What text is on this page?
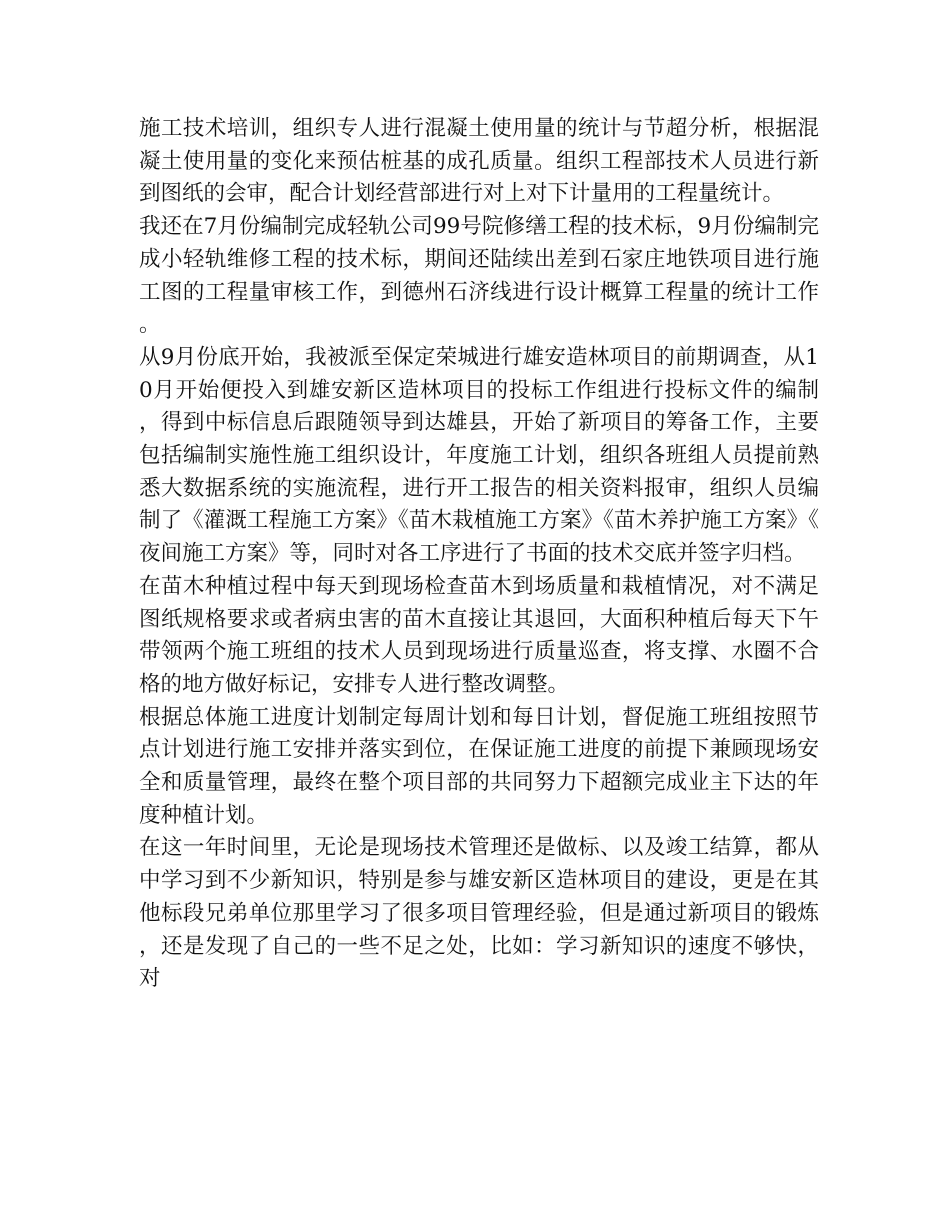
施工技术培训，组织专人进行混凝土使用量的统计与节超分析，根据混凝土使用量的变化来预估桩基的成孔质量。组织工程部技术人员进行新到图纸的会审，配合计划经营部进行对上对下计量用的工程量统计。

我还在7月份编制完成轻轨公司99号院修缮工程的技术标，9月份编制完成小轻轨维修工程的技术标，期间还陆续出差到石家庄地铁项目进行施工图的工程量审核工作，到德州石济线进行设计概算工程量的统计工作。

从9月份底开始，我被派至保定荣城进行雄安造林项目的前期调查，从10月开始便投入到雄安新区造林项目的投标工作组进行投标文件的编制，得到中标信息后跟随领导到达雄县，开始了新项目的筹备工作，主要包括编制实施性施工组织设计，年度施工计划，组织各班组人员提前熟悉大数据系统的实施流程，进行开工报告的相关资料报审，组织人员编制了《灌溉工程施工方案》《苗木栽植施工方案》《苗木养护施工方案》《夜间施工方案》等，同时对各工序进行了书面的技术交底并签字归档。

在苗木种植过程中每天到现场检查苗木到场质量和栽植情况，对不满足图纸规格要求或者病虫害的苗木直接让其退回，大面积种植后每天下午带领两个施工班组的技术人员到现场进行质量巡查，将支撑、水圈不合格的地方做好标记，安排专人进行整改调整。

根据总体施工进度计划制定每周计划和每日计划，督促施工班组按照节点计划进行施工安排并落实到位，在保证施工进度的前提下兼顾现场安全和质量管理，最终在整个项目部的共同努力下超额完成业主下达的年度种植计划。

在这一年时间里，无论是现场技术管理还是做标、以及竣工结算，都从中学习到不少新知识，特别是参与雄安新区造林项目的建设，更是在其他标段兄弟单位那里学习了很多项目管理经验，但是通过新项目的锻炼，还是发现了自己的一些不足之处，比如：学习新知识的速度不够快，对
